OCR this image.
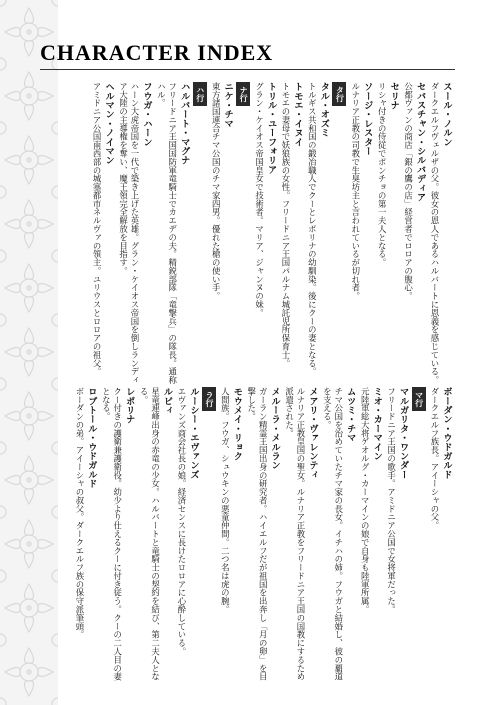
CHARACTER INDEX
スール・ノルン
ダークエルフヴェルザの父。彼女の恩人であるハルバートに恩義を感じている。
セバスチャン・シルバディア
公都ヴァンの商店「銀の鷹の店」経営者でロロアの腹心。
セリナ
リシャ付きの侍従でポンチョの第一夫人となる。
ソージ・レスター
ルナリア正教の司教で生臭坊主と言われているが切れ者。
タ行
タル・オズミ
トルギス共和国の鍛冶職人でクーとレポリナの幼馴染。後にクーの妻となる。
トモエ・イヌイ
トモエの妻母で妖狼族の女性。フリードニア王国パルナム城託児所保育士。
トリル・ユーフォリア
グラン・ケイオス帝国皇女で技術者。マリア、ジャンヌの妹。
ナ行
ニケ・チマ
東方諸国連合チマ公国のチマ家四男。優れた槍の使い手。
ハ行
ハルバート・マグナ
フリードニア王国国防軍竜騎士でカエデの夫。精鋭部隊「竜撃兵」の隊長。通称ハル。
フウガ・ハーン
ハーン大虎帝国を一代で築き上げた英雄。グラン・ケイオス帝国を倒しランディア大陸の主導権を奪い、魔王領完全解放を目指す。
ヘルマン・ノイマン
アミドニア公国南西部の城塞都市ネルヴァの領主。ユリウスとロロアの祖父。
ボーダン・ウドガルド
ダークエルフ族長。アイーシャの父。
マ行
マルガリタ・ワンダー
フリードニア王国の歌手。アミドニア公国で女将軍だった。
ミオ・カーマイン
元陸軍総大将ゲオルグ・カーマインの娘で自身も陸軍所属。
ムツミ・チマ
チマ公国を治めていたチマ家の長女。イチハの姉。フウガと結婚し、彼の覇道を支える。
メアリ・ヴァレンティ
ルナリア正教皇国の聖女。ルナリア正教をフリードニア王国の国教にするため派遣された。
メルーラ・メルラン
ガーラン精霊王国出身の研究者。ハイエルフだが祖国を出奔し「月の卵」を目撃した。
モウメイ・リョク
人間族。フウガ、シュウキンの悪童仲間。二つ名は虎の腕。
ラ行
ルーシー・エヴァンズ
エヴァンズ商会社長の娘。経済センスに長けたロロアに心酔している。
ルビィ
星竜連峰出身の赤竜の少女。ハルバートと竜騎士の契約を結び、第二夫人となる。
レポリナ
クー付きの護衛兼護衛役。幼少より仕えるクーに付き従う。クーの二人目の妻となる。
ロブトール・ウドガルド
ボーダンの弟。アイーシャの叔父。ダークエルフ族の保守派筆頭。
